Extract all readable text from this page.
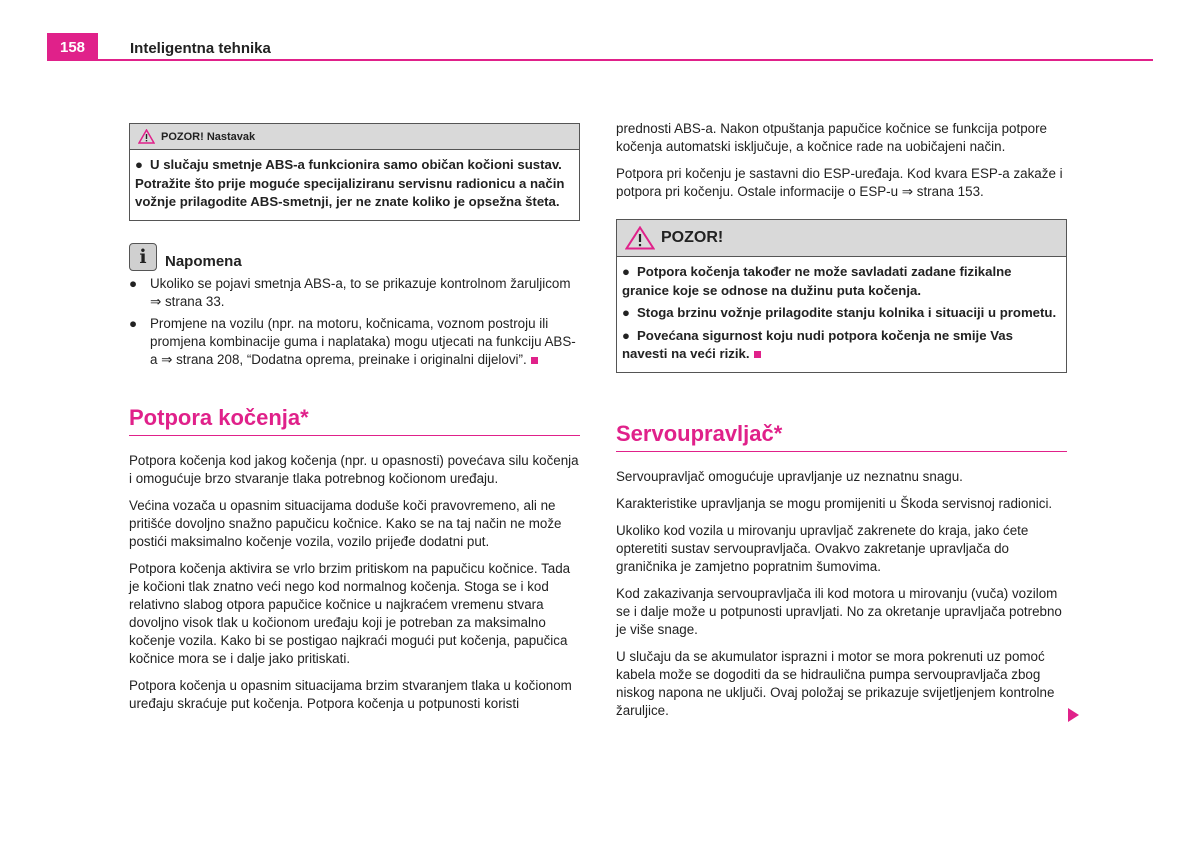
158	Inteligentna tehnika
POZOR! Nastavak
● U slučaju smetnje ABS-a funkcionira samo običan kočioni sustav. Potražite što prije moguće specijaliziranu servisnu radionicu a način vožnje prilagodite ABS-smetnji, jer ne znate koliko je opsežna šteta.
i	Napomena
● Ukoliko se pojavi smetnja ABS-a, to se prikazuje kontrolnom žaruljicom ⇒ strana 33.
● Promjene na vozilu (npr. na motoru, kočnicama, voznom postroju ili promjena kombinacije guma i naplataka) mogu utjecati na funkciju ABS-a ⇒ strana 208, “Dodatna oprema, preinake i originalni dijelovi”.
Potpora kočenja*

Potpora kočenja kod jakog kočenja (npr. u opasnosti) povećava silu kočenja i omogućuje brzo stvaranje tlaka potrebnog kočionom uređaju.

Većina vozača u opasnim situacijama doduše koči pravovremeno, ali ne pritišće dovoljno snažno papučicu kočnice. Kako se na taj način ne može postići maksimalno kočenje vozila, vozilo prijeđe dodatni put.

Potpora kočenja aktivira se vrlo brzim pritiskom na papučicu kočnice. Tada je kočioni tlak znatno veći nego kod normalnog kočenja. Stoga se i kod relativno slabog otpora papučice kočnice u najkraćem vremenu stvara dovoljno visok tlak u kočionom uređaju koji je potreban za maksimalno kočenje vozila. Kako bi se postigao najkraći mogući put kočenja, papučica kočnice mora se i dalje jako pritiskati.

Potpora kočenja u opasnim situacijama brzim stvaranjem tlaka u kočionom uređaju skraćuje put kočenja. Potpora kočenja u potpunosti koristi

prednosti ABS-a. Nakon otpuštanja papučice kočnice se funkcija potpore kočenja automatski isključuje, a kočnice rade na uobičajeni način.

Potpora pri kočenju je sastavni dio ESP-uređaja. Kod kvara ESP-a zakaže i potpora pri kočenju. Ostale informacije o ESP-u ⇒ strana 153.

POZOR!
● Potpora kočenja također ne može savladati zadane fizikalne granice koje se odnose na dužinu puta kočenja.
● Stoga brzinu vožnje prilagodite stanju kolnika i situaciji u prometu.
● Povećana sigurnost koju nudi potpora kočenja ne smije Vas navesti na veći rizik.
Servoupravljač*

Servoupravljač omogućuje upravljanje uz neznatnu snagu.

Karakteristike upravljanja se mogu promijeniti u Škoda servisnoj radionici.

Ukoliko kod vozila u mirovanju upravljač zakrenete do kraja, jako ćete opteretiti sustav servoupravljača. Ovakvo zakretanje upravljača do graničnika je zamjetno popratnim šumovima.

Kod zakazivanja servoupravljača ili kod motora u mirovanju (vuča) vozilom se i dalje može u potpunosti upravljati. No za okretanje upravljača potrebno je više snage.

U slučaju da se akumulator isprazni i motor se mora pokrenuti uz pomoć kabela može se dogoditi da se hidraulična pumpa servoupravljača zbog niskog napona ne uključi. Ovaj položaj se prikazuje svijetljenjem kontrolne žaruljice.
